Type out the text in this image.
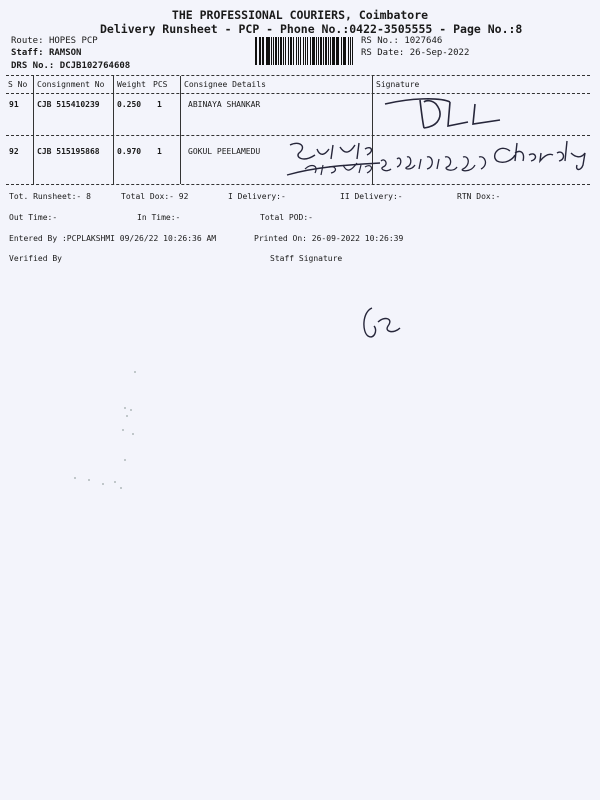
THE PROFESSIONAL COURIERS, Coimbatore
Delivery Runsheet - PCP - Phone No.:0422-3505555 - Page No.:8
Route: HOPES PCP
Staff: RAMSON
DRS No.: DCJB102764608
RS No.: 1027646
RS Date: 26-Sep-2022
S No Consignment No Weight PCS Consignee Details	Signature
91 CJB 515410239 0.250 1	ABINAYA SHANKAR
92 CJB 515195868 0.970 1	GOKUL PEELAMEDU
Tot. Runsheet:- 8	Total Dox:- 92	I Delivery:-	II Delivery:-	RTN Dox:-
Out Time:-	In Time:-	Total POD:-
Entered By :PCPLAKSHMI 09/26/22 10:26:36 AM	Printed On: 26-09-2022 10:26:39
Verified By	Staff Signature
